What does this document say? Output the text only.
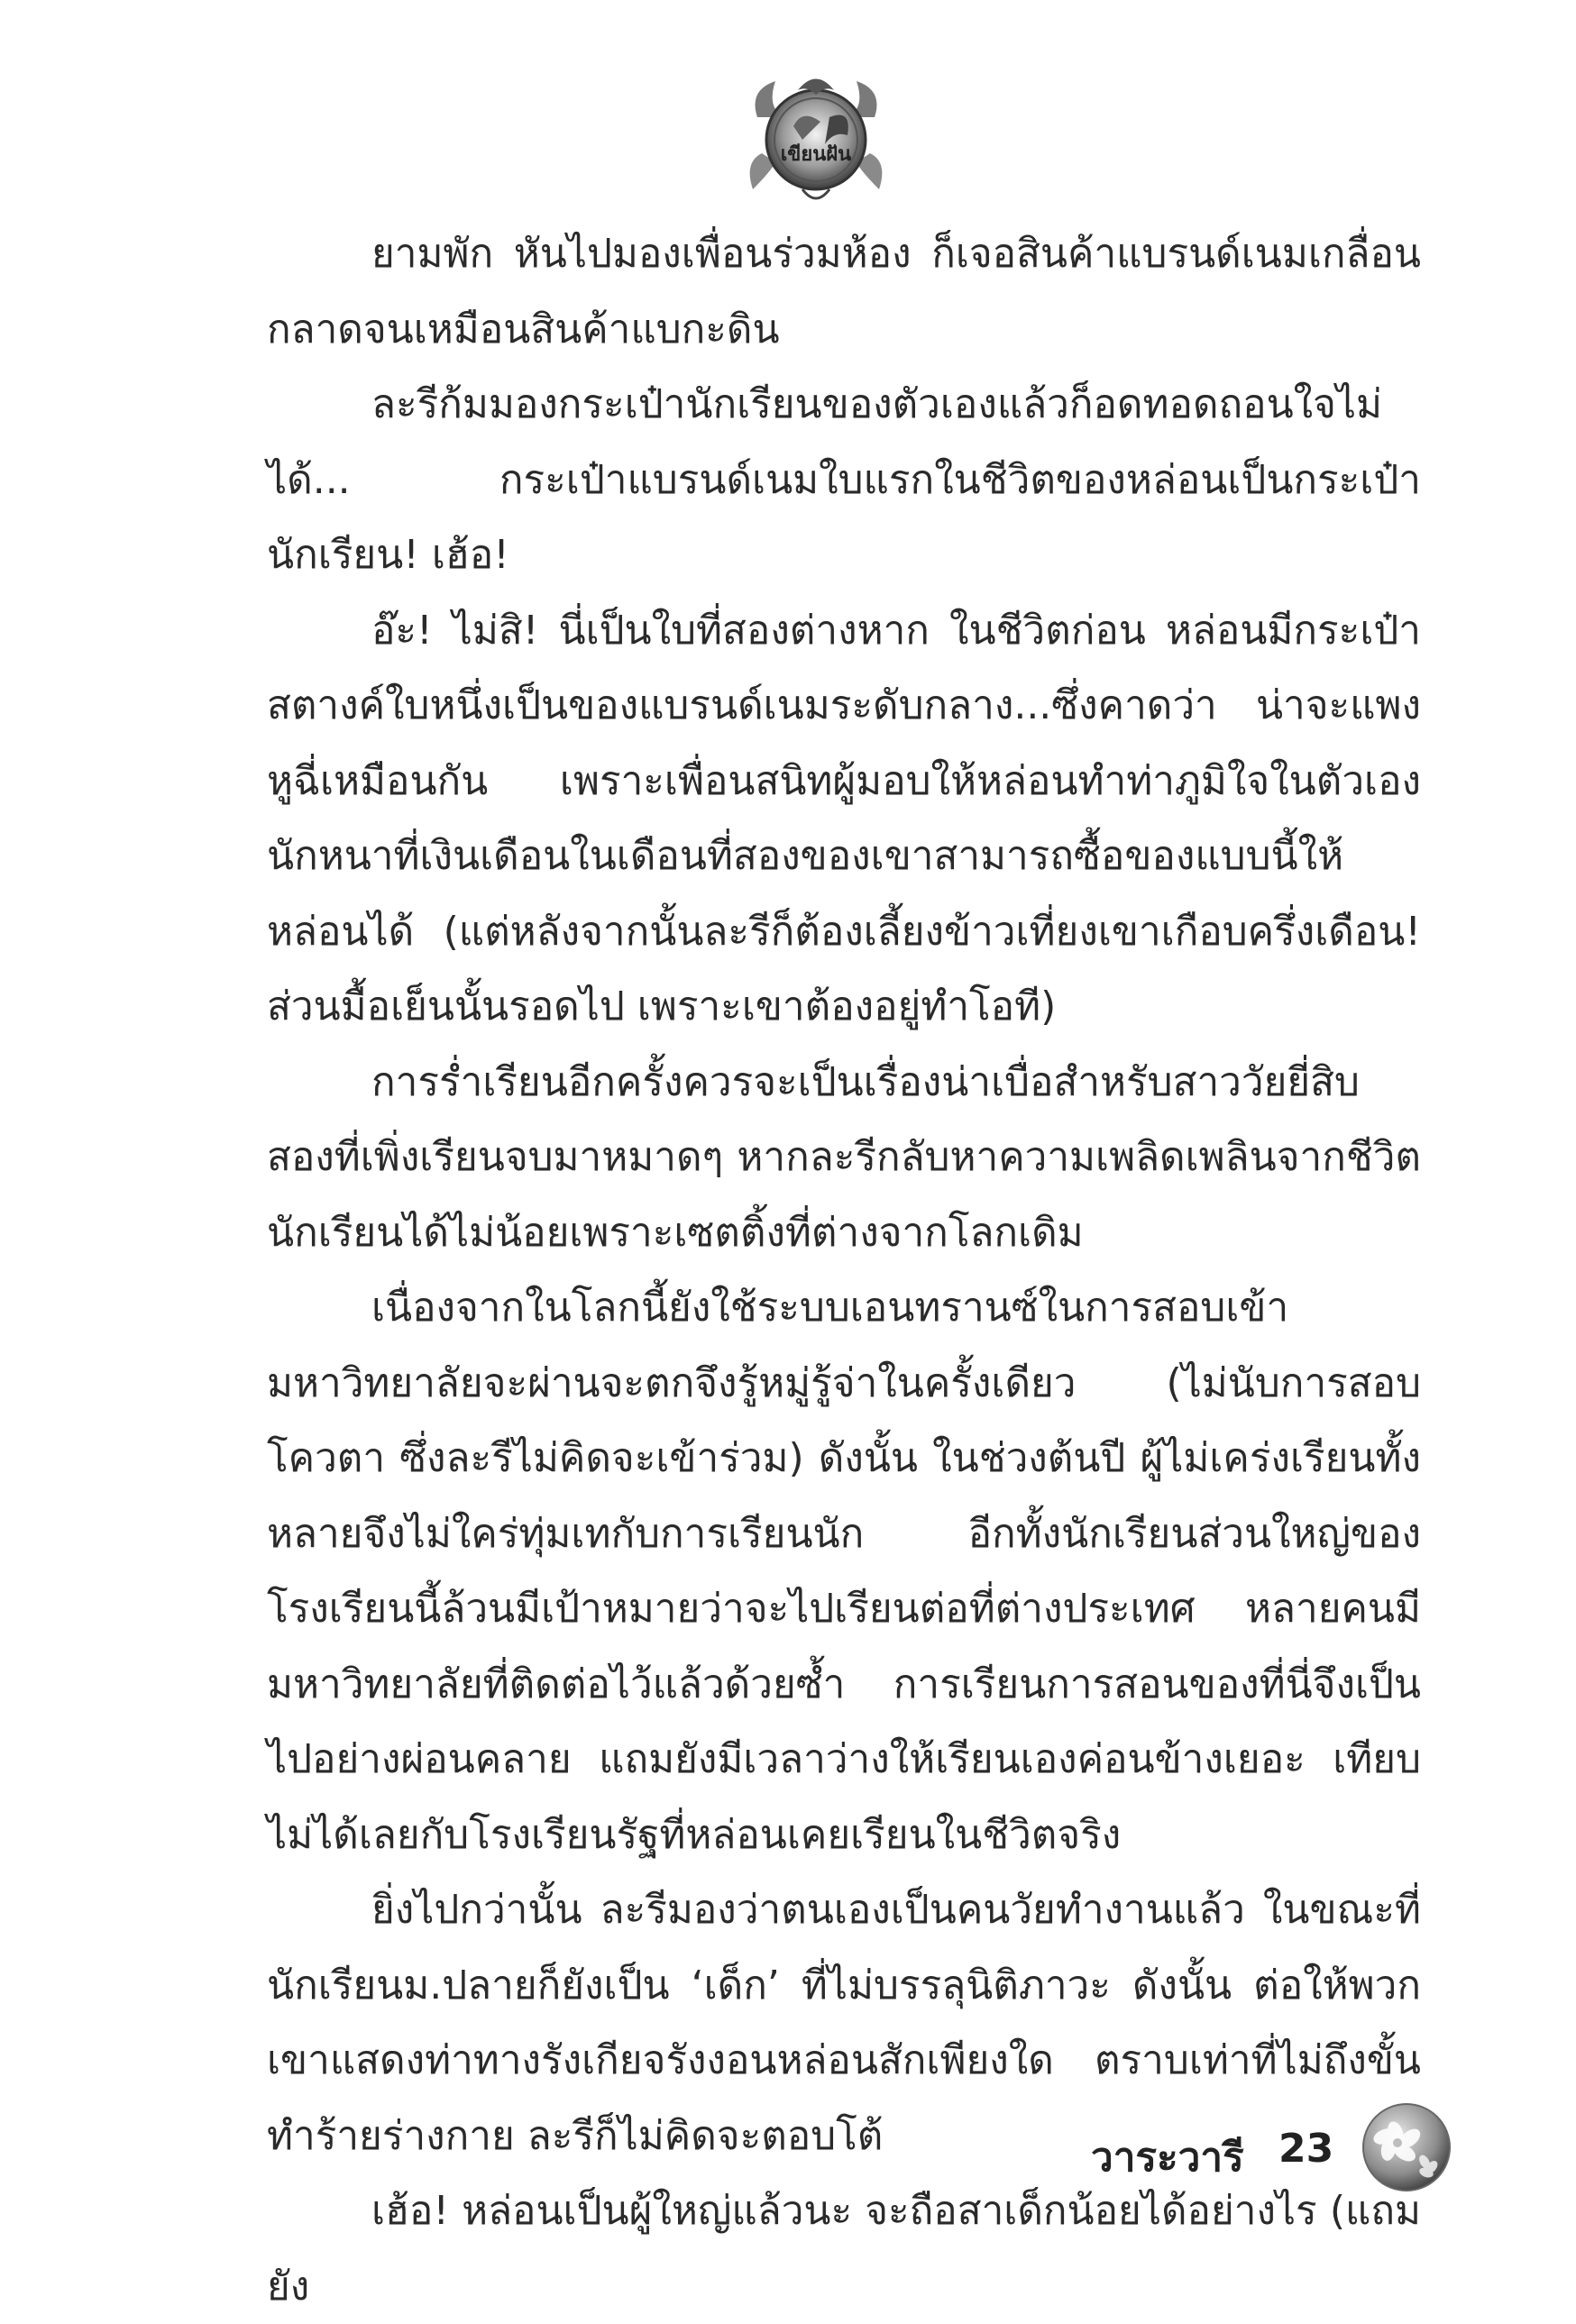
เขียนฝัน

ยามพัก หันไปมองเพื่อนร่วมห้อง ก็เจอสินค้าแบรนด์เนมเกลื่อนกลาดจนเหมือนสินค้าแบกะดิน

ละรีก้มมองกระเป๋านักเรียนของตัวเองแล้วก็อดทอดถอนใจไม่ได้... กระเป๋าแบรนด์เนมใบแรกในชีวิตของหล่อนเป็นกระเป๋านักเรียน! เฮ้อ!

อ๊ะ! ไม่สิ! นี่เป็นใบที่สองต่างหาก ในชีวิตก่อน หล่อนมีกระเป๋าสตางค์ใบหนึ่งเป็นของแบรนด์เนมระดับกลาง...ซึ่งคาดว่า น่าจะแพงหูฉี่เหมือนกัน เพราะเพื่อนสนิทผู้มอบให้หล่อนทำท่าภูมิใจในตัวเองนักหนาที่เงินเดือนในเดือนที่สองของเขาสามารถซื้อของแบบนี้ให้หล่อนได้ (แต่หลังจากนั้นละรีก็ต้องเลี้ยงข้าวเที่ยงเขาเกือบครึ่งเดือน! ส่วนมื้อเย็นนั้นรอดไป เพราะเขาต้องอยู่ทำโอที)

การร่ำเรียนอีกครั้งควรจะเป็นเรื่องน่าเบื่อสำหรับสาววัยยี่สิบสองที่เพิ่งเรียนจบมาหมาดๆ หากละรีกลับหาความเพลิดเพลินจากชีวิตนักเรียนได้ไม่น้อยเพราะเซตติ้งที่ต่างจากโลกเดิม

เนื่องจากในโลกนี้ยังใช้ระบบเอนทรานซ์ในการสอบเข้ามหาวิทยาลัยจะผ่านจะตกจึงรู้หมู่รู้จ่าในครั้งเดียว (ไม่นับการสอบโควตา ซึ่งละรีไม่คิดจะเข้าร่วม) ดังนั้น ในช่วงต้นปี ผู้ไม่เคร่งเรียนทั้งหลายจึงไม่ใคร่ทุ่มเทกับการเรียนนัก อีกทั้งนักเรียนส่วนใหญ่ของโรงเรียนนี้ล้วนมีเป้าหมายว่าจะไปเรียนต่อที่ต่างประเทศ หลายคนมีมหาวิทยาลัยที่ติดต่อไว้แล้วด้วยซ้ำ การเรียนการสอนของที่นี่จึงเป็นไปอย่างผ่อนคลาย แถมยังมีเวลาว่างให้เรียนเองค่อนข้างเยอะ เทียบไม่ได้เลยกับโรงเรียนรัฐที่หล่อนเคยเรียนในชีวิตจริง

ยิ่งไปกว่านั้น ละรีมองว่าตนเองเป็นคนวัยทำงานแล้ว ในขณะที่นักเรียนม.ปลายก็ยังเป็น ‘เด็ก’ ที่ไม่บรรลุนิติภาวะ ดังนั้น ต่อให้พวกเขาแสดงท่าทางรังเกียจรังงอนหล่อนสักเพียงใด ตราบเท่าที่ไม่ถึงขั้นทำร้ายร่างกาย ละรีก็ไม่คิดจะตอบโต้

เฮ้อ! หล่อนเป็นผู้ใหญ่แล้วนะ จะถือสาเด็กน้อยได้อย่างไร (แถมยัง

วาระวารี 23
